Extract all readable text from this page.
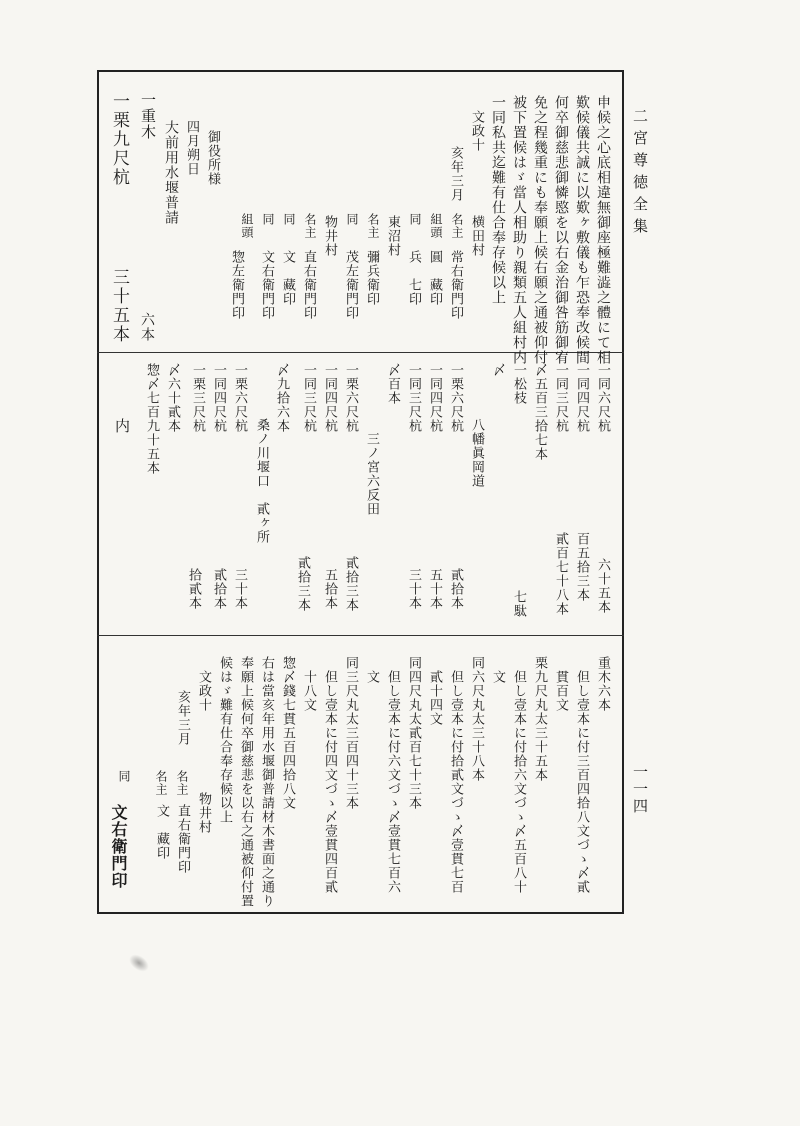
二宮尊徳全集
一一四
申候之心底相違無御座極難澁之體にて相
歎候儀共誠に以歎ヶ敷儀も乍恐奉改候間
何卒御慈悲御憐愍を以右金治御咎筋御宥
免之程幾重にも奉願上候右願之通被仰付
被下置候はゞ當人相助り親類五人組村内
一同私共迄難有仕合奉存候以上
文政十
亥年三月
横田村
名主
常右衛門印
組頭
圓　藏印
同
兵　七印
東沼村
名主
彌兵衛印
同
茂左衛門印
物井村
名主
直右衛門印
同
文　藏印
同
文右衛門印
組頭
惣左衛門印
御役所様
四月朔日
大前用水堰普請
一重木
六本
一栗九尺杭
三十五本
一同六尺杭
六十五本
一同四尺杭
百五拾三本
一同三尺杭
貳百七十八本
〆五百三拾七本
一松枝
七駄
〆
八幡眞岡道
一栗六尺杭
貳拾本
一同四尺杭
五十本
一同三尺杭
三十本
〆百本
三ノ宮六反田
一栗六尺杭
貳拾三本
一同四尺杭
五拾本
一同三尺杭
貳拾三本
〆九拾六本
桑ノ川堰口　貳ヶ所
一栗六尺杭
三十本
一同四尺杭
貳拾本
一栗三尺杭
拾貳本
〆六十貳本
惣〆七百九十五本
内
重木六本
但し壹本に付三百四拾八文づゝ〆貳
貫百文
栗九尺丸太三十五本
但し壹本に付拾六文づゝ〆五百八十
文
同六尺丸太三十八本
但し壹本に付拾貳文づゝ〆壹貫七百
貳十四文
同四尺丸太貳百七十三本
但し壹本に付六文づゝ〆壹貫七百六
文
同三尺丸太三百四十三本
但し壹本に付四文づゝ〆壹貫四百貳
十八文
惣〆錢七貫五百四拾八文
右は當亥年用水堰御普請材木書面之通り
奉願上候何卒御慈悲を以右之通被仰付置
候はゞ難有仕合奉存候以上
文政十
亥年三月
物井村
名主
直右衛門印
名主
文　藏印
同
文右衛門印
